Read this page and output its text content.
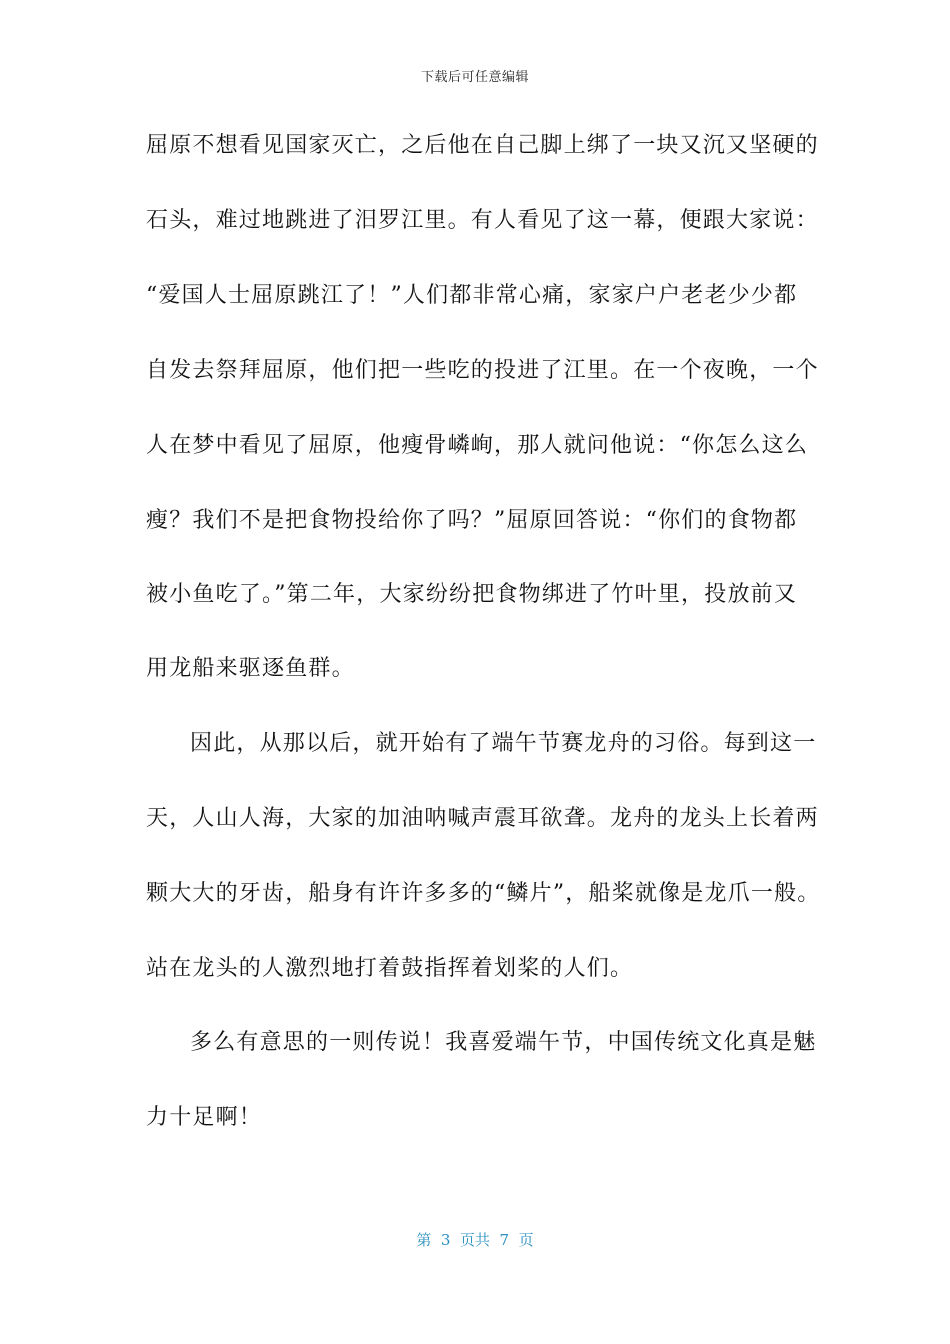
下载后可任意编辑
屈原不想看见国家灭亡，之后他在自己脚上绑了一块又沉又坚硬的
石头，难过地跳进了汨罗江里。有人看见了这一幕，便跟大家说：
“爱国人士屈原跳江了！”人们都非常心痛，家家户户老老少少都
自发去祭拜屈原，他们把一些吃的投进了江里。在一个夜晚，一个
人在梦中看见了屈原，他瘦骨嶙峋，那人就问他说：“你怎么这么
瘦？我们不是把食物投给你了吗？”屈原回答说：“你们的食物都
被小鱼吃了。”第二年，大家纷纷把食物绑进了竹叶里，投放前又
用龙船来驱逐鱼群。
因此，从那以后，就开始有了端午节赛龙舟的习俗。每到这一
天，人山人海，大家的加油呐喊声震耳欲聋。龙舟的龙头上长着两
颗大大的牙齿，船身有许许多多的“鳞片”，船桨就像是龙爪一般。
站在龙头的人激烈地打着鼓指挥着划桨的人们。
多么有意思的一则传说！我喜爱端午节，中国传统文化真是魅
力十足啊！
第  3  页共  7  页
